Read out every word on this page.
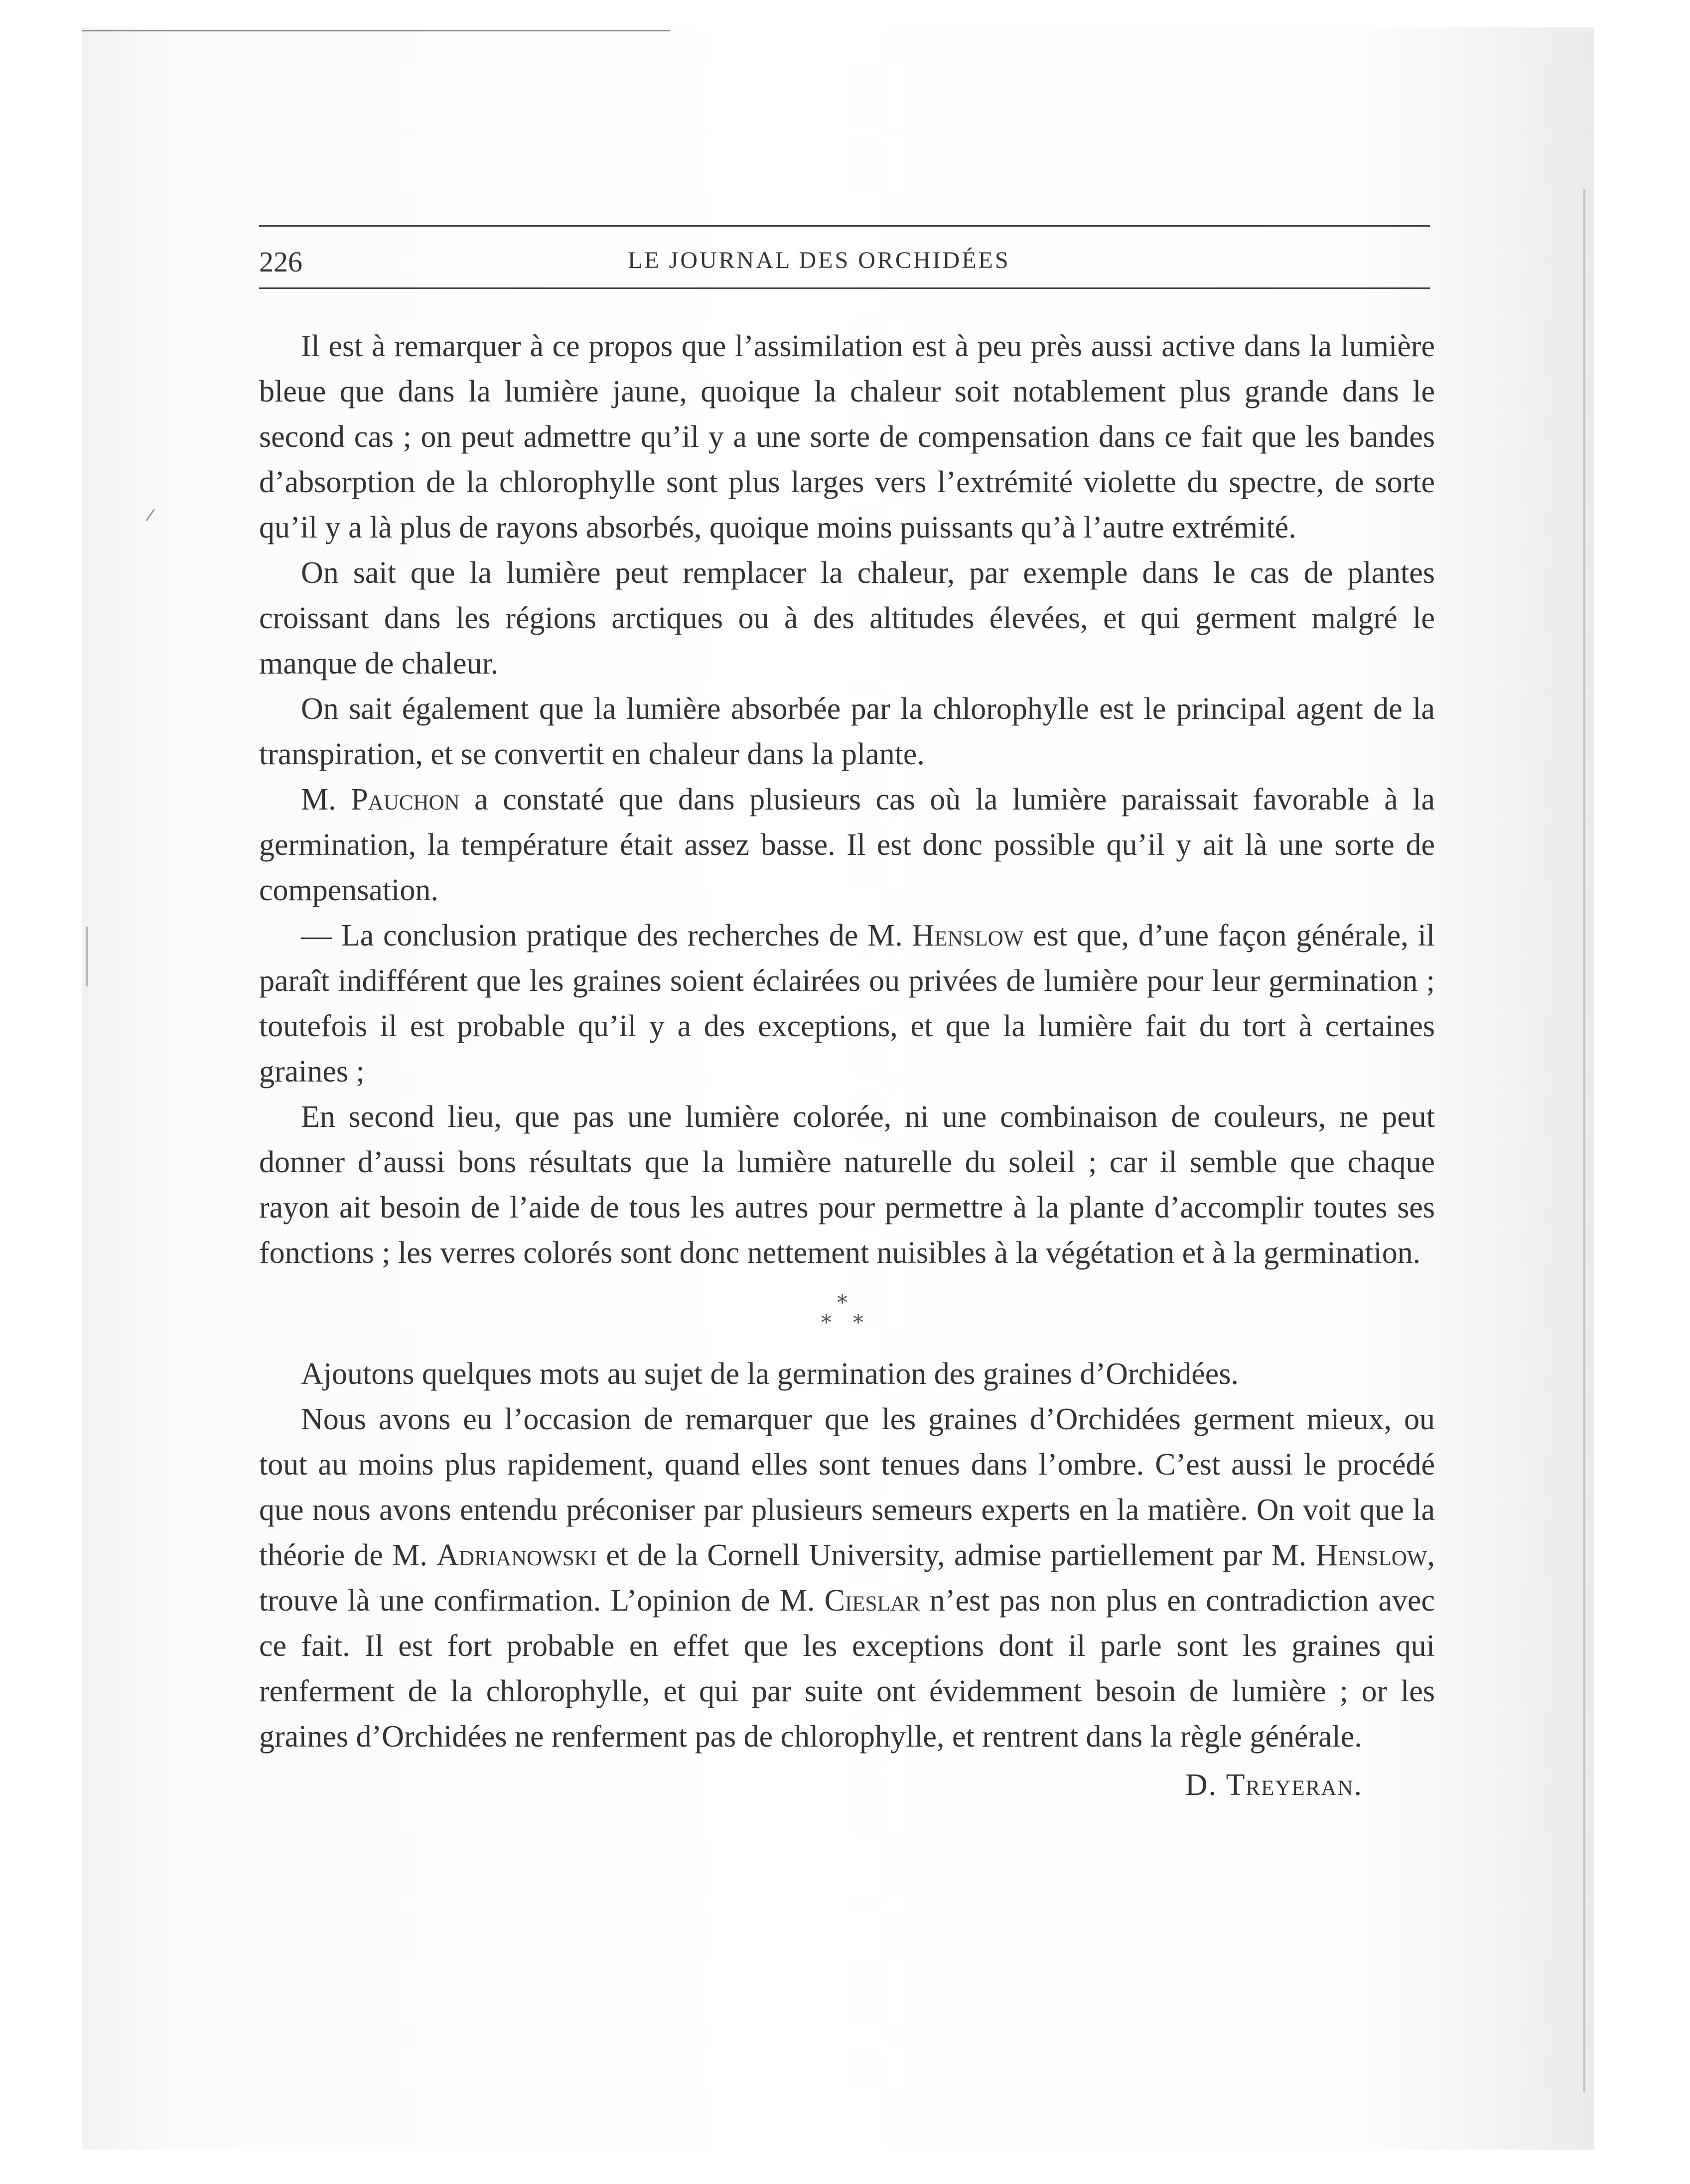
226	LE JOURNAL DES ORCHIDÉES

Il est à remarquer à ce propos que l’assimilation est à peu près aussi active dans la lumière bleue que dans la lumière jaune, quoique la chaleur soit notablement plus grande dans le second cas ; on peut admettre qu’il y a une sorte de compensation dans ce fait que les bandes d’absorption de la chlorophylle sont plus larges vers l’extrémité violette du spectre, de sorte qu’il y a là plus de rayons absorbés, quoique moins puissants qu’à l’autre extrémité.

On sait que la lumière peut remplacer la chaleur, par exemple dans le cas de plantes croissant dans les régions arctiques ou à des altitudes élevées, et qui germent malgré le manque de chaleur.

On sait également que la lumière absorbée par la chlorophylle est le principal agent de la transpiration, et se convertit en chaleur dans la plante.

M. Pauchon a constaté que dans plusieurs cas où la lumière paraissait favorable à la germination, la température était assez basse. Il est donc possible qu’il y ait là une sorte de compensation.

— La conclusion pratique des recherches de M. Henslow est que, d’une façon générale, il paraît indifférent que les graines soient éclairées ou privées de lumière pour leur germination ; toutefois il est probable qu’il y a des exceptions, et que la lumière fait du tort à certaines graines ;

En second lieu, que pas une lumière colorée, ni une combinaison de couleurs, ne peut donner d’aussi bons résultats que la lumière naturelle du soleil ; car il semble que chaque rayon ait besoin de l’aide de tous les autres pour permettre à la plante d’accomplir toutes ses fonctions ; les verres colorés sont donc nettement nuisibles à la végétation et à la germination.

*
* *

Ajoutons quelques mots au sujet de la germination des graines d’Orchidées.

Nous avons eu l’occasion de remarquer que les graines d’Orchidées germent mieux, ou tout au moins plus rapidement, quand elles sont tenues dans l’ombre. C’est aussi le procédé que nous avons entendu préconiser par plusieurs semeurs experts en la matière. On voit que la théorie de M. Adrianowski et de la Cornell University, admise partiellement par M. Henslow, trouve là une confirmation. L’opinion de M. Cieslar n’est pas non plus en contradiction avec ce fait. Il est fort probable en effet que les exceptions dont il parle sont les graines qui renferment de la chlorophylle, et qui par suite ont évidemment besoin de lumière ; or les graines d’Orchidées ne renferment pas de chlorophylle, et rentrent dans la règle générale.

D. Treyeran.
